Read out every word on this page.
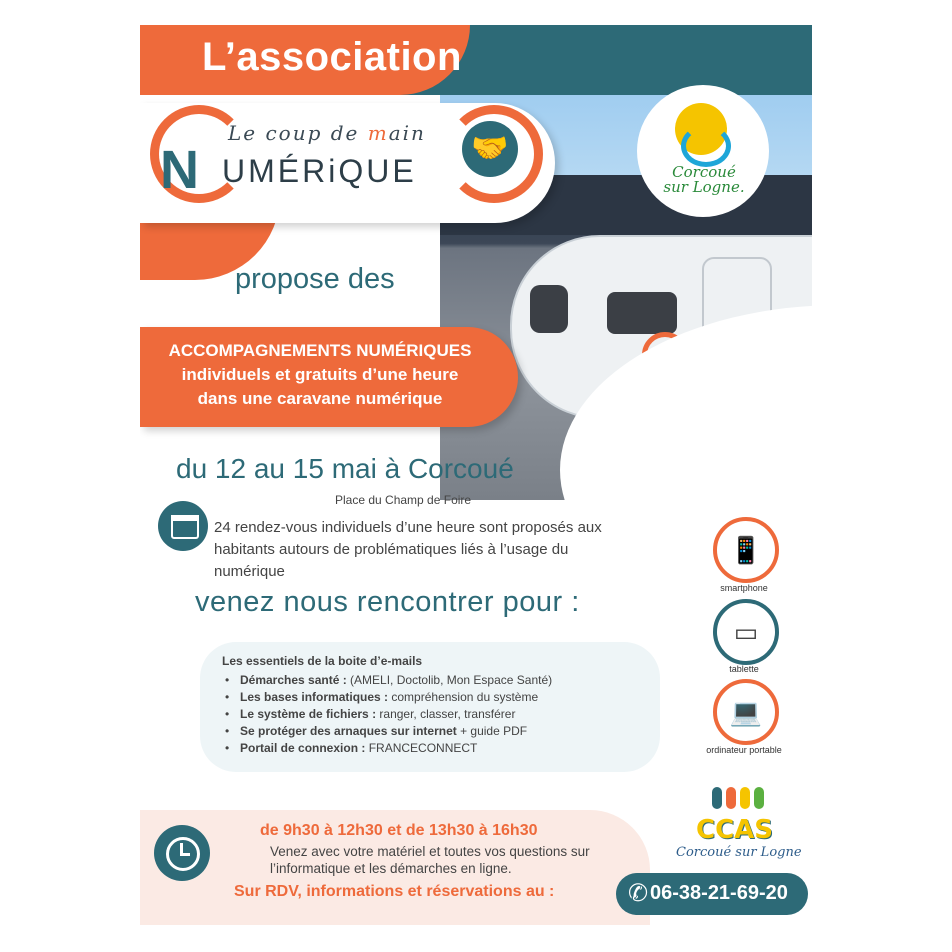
L’association
Le coup de main
N UMÉRiQUE
🤝
Corcoué
sur Logne.
propose des
ACCOMPAGNEMENTS NUMÉRIQUES
individuels et gratuits d’une heure
dans une caravane numérique
du 12 au 15 mai à Corcoué
Place du Champ de Foire
24 rendez-vous individuels d’une heure sont proposés aux habitants autours de problématiques liés à l’usage du numérique
venez nous rencontrer pour :
Les essentiels de la boite d’e-mails
• Démarches santé : (AMELI, Doctolib, Mon Espace Santé)
• Les bases informatiques : compréhension du système
• Le système de fichiers : ranger, classer, transférer
• Se protéger des arnaques sur internet + guide PDF
• Portail de connexion : FRANCECONNECT
📱
smartphone
▭
tablette
💻
ordinateur portable
CCAS
Corcoué sur Logne
de 9h30 à 12h30 et de 13h30 à 16h30
Venez avec votre matériel et toutes vos questions sur l’informatique et les démarches en ligne.
Sur RDV, informations et réservations au :	✆ 06-38-21-69-20
